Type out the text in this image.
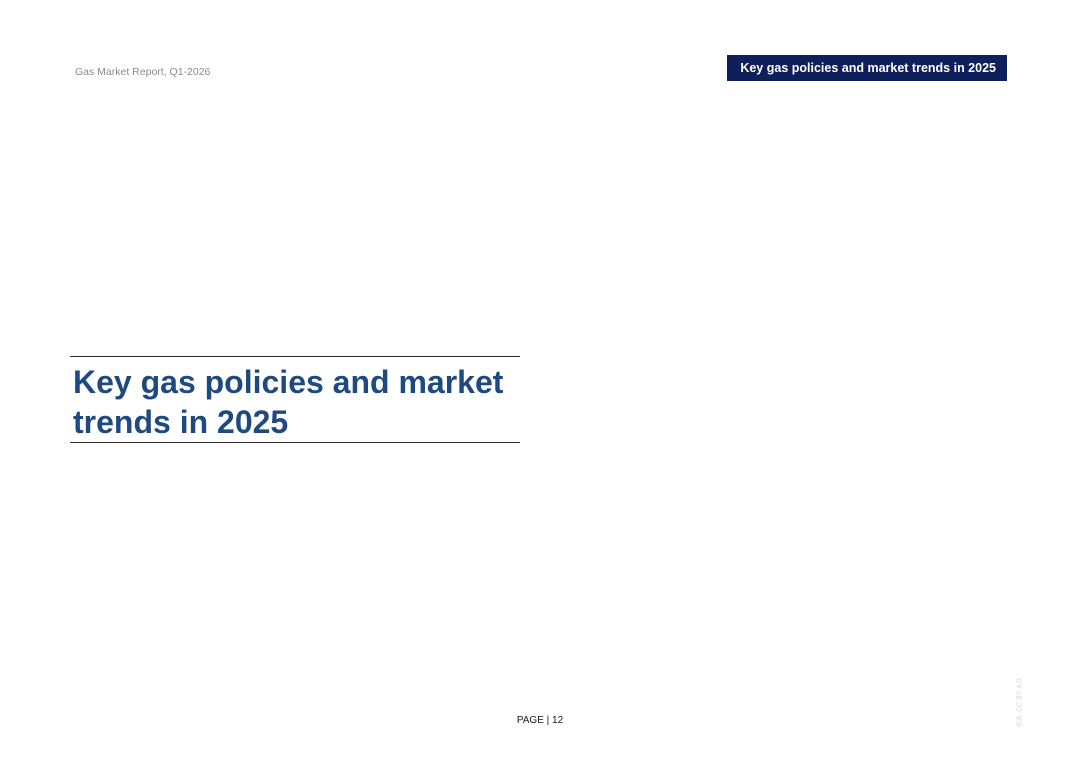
Gas Market Report, Q1-2026	Key gas policies and market trends in 2025
Key gas policies and market trends in 2025
PAGE | 12	IEA. CC BY 4.0.
